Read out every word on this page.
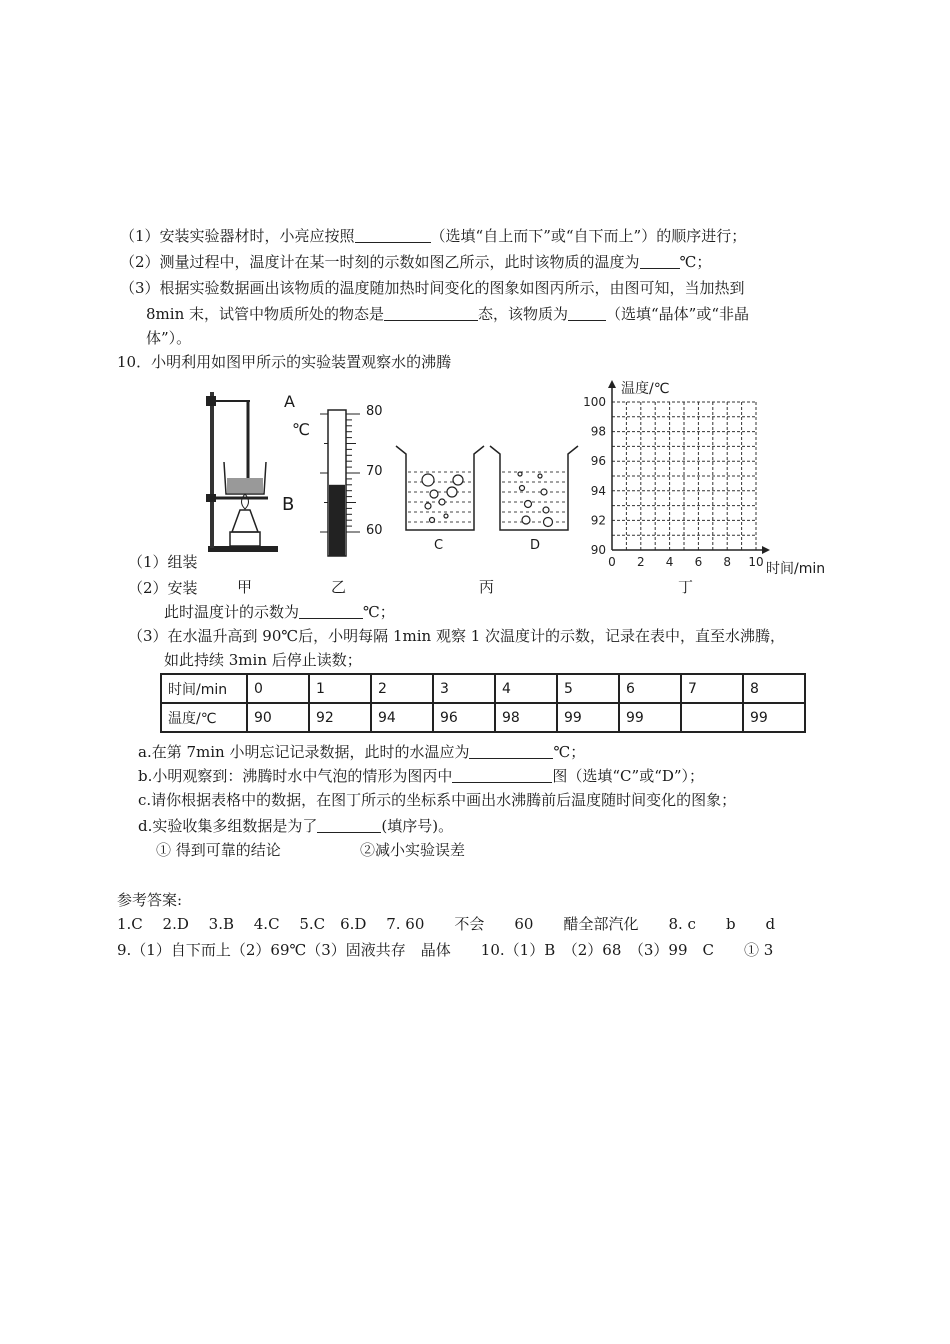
（1）安装实验器材时，小亮应按照	（选填“自上而下”或“自下而上”）的顺序进行；
（2）测量过程中，温度计在某一时刻的示数如图乙所示，此时该物质的温度为	℃；
（3）根据实验数据画出该物质的温度随加热时间变化的图象如图丙所示，由图可知，当加热到
8min 末，试管中物质所处的物态是	态，该物质为	（选填“晶体”或“非晶
体”）。
10．小明利用如图甲所示的实验装置观察水的沸腾
A
B
℃
80
70
60
C	D	90
92
94
96
98
100
0 2 4 6 8 10
温度/℃
时间/min
甲	乙	丙	丁
（1）组装
（2）安装
此时温度计的示数为	℃；
（3）在水温升高到 90℃后，小明每隔 1min 观察 1 次温度计的示数，记录在表中，直至水沸腾，
如此持续 3min 后停止读数；
时间/min	0	1	2	3	4	5	6	7	8
温度/℃	90	92	94	96	98	99	99		99
a.在第 7min 小明忘记记录数据，此时的水温应为	℃；
b.小明观察到：沸腾时水中气泡的情形为图丙中	图（选填“C”或“D”）；
c.请你根据表格中的数据，在图丁所示的坐标系中画出水沸腾前后温度随时间变化的图象；
d.实验收集多组数据是为了	(填序号)。
① 得到可靠的结论	②减小实验误差
参考答案:
1.C　 2.D　 3.B　 4.C　 5.C　6.D　 7. 60　　不会　　60　　醋全部汽化　　8. c　　b　　d
9.（1）自下而上（2）69℃（3）固液共存　晶体　　10.（1）B　（2）68　（3）99　C　　① 3
